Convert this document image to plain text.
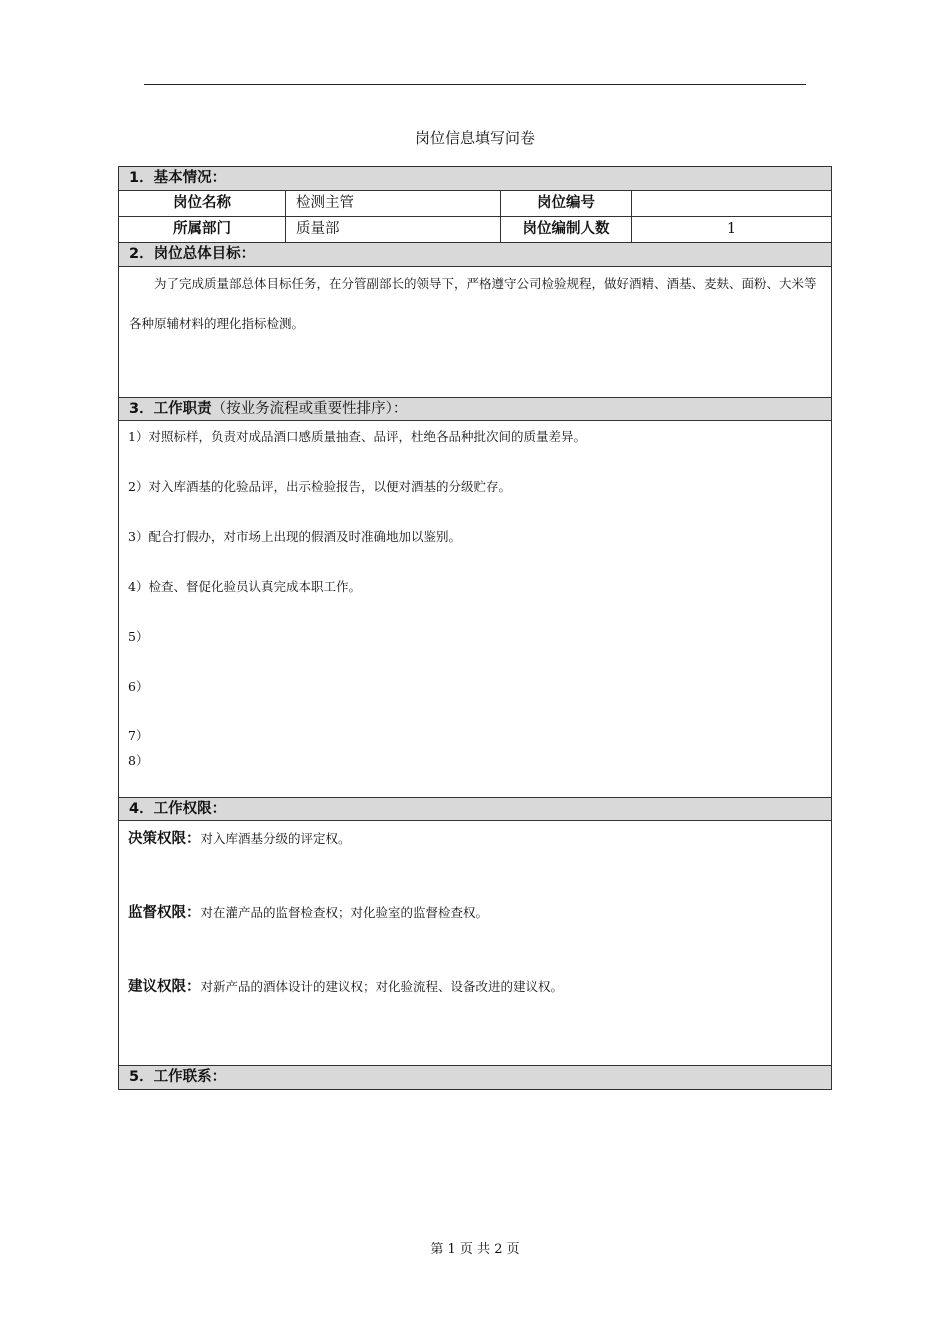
岗位信息填写问卷
1．基本情况：
岗位名称	检测主管	岗位编号
所属部门	质量部	岗位编制人数	1
2．岗位总体目标：
为了完成质量部总体目标任务，在分管副部长的领导下，严格遵守公司检验规程，做好酒精、酒基、麦麸、面粉、大米等各种原辅材料的理化指标检测。
3．工作职责（按业务流程或重要性排序）：
1）对照标样，负责对成品酒口感质量抽查、品评，杜绝各品种批次间的质量差异。
2）对入库酒基的化验品评，出示检验报告，以便对酒基的分级贮存。
3）配合打假办，对市场上出现的假酒及时准确地加以鉴别。
4）检查、督促化验员认真完成本职工作。
5）
6）
7）
8）
4．工作权限：
决策权限：对入库酒基分级的评定权。
监督权限：对在灌产品的监督检查权；对化验室的监督检查权。
建议权限：对新产品的酒体设计的建议权；对化验流程、设备改进的建议权。
5．工作联系：
第 1 页 共 2 页
